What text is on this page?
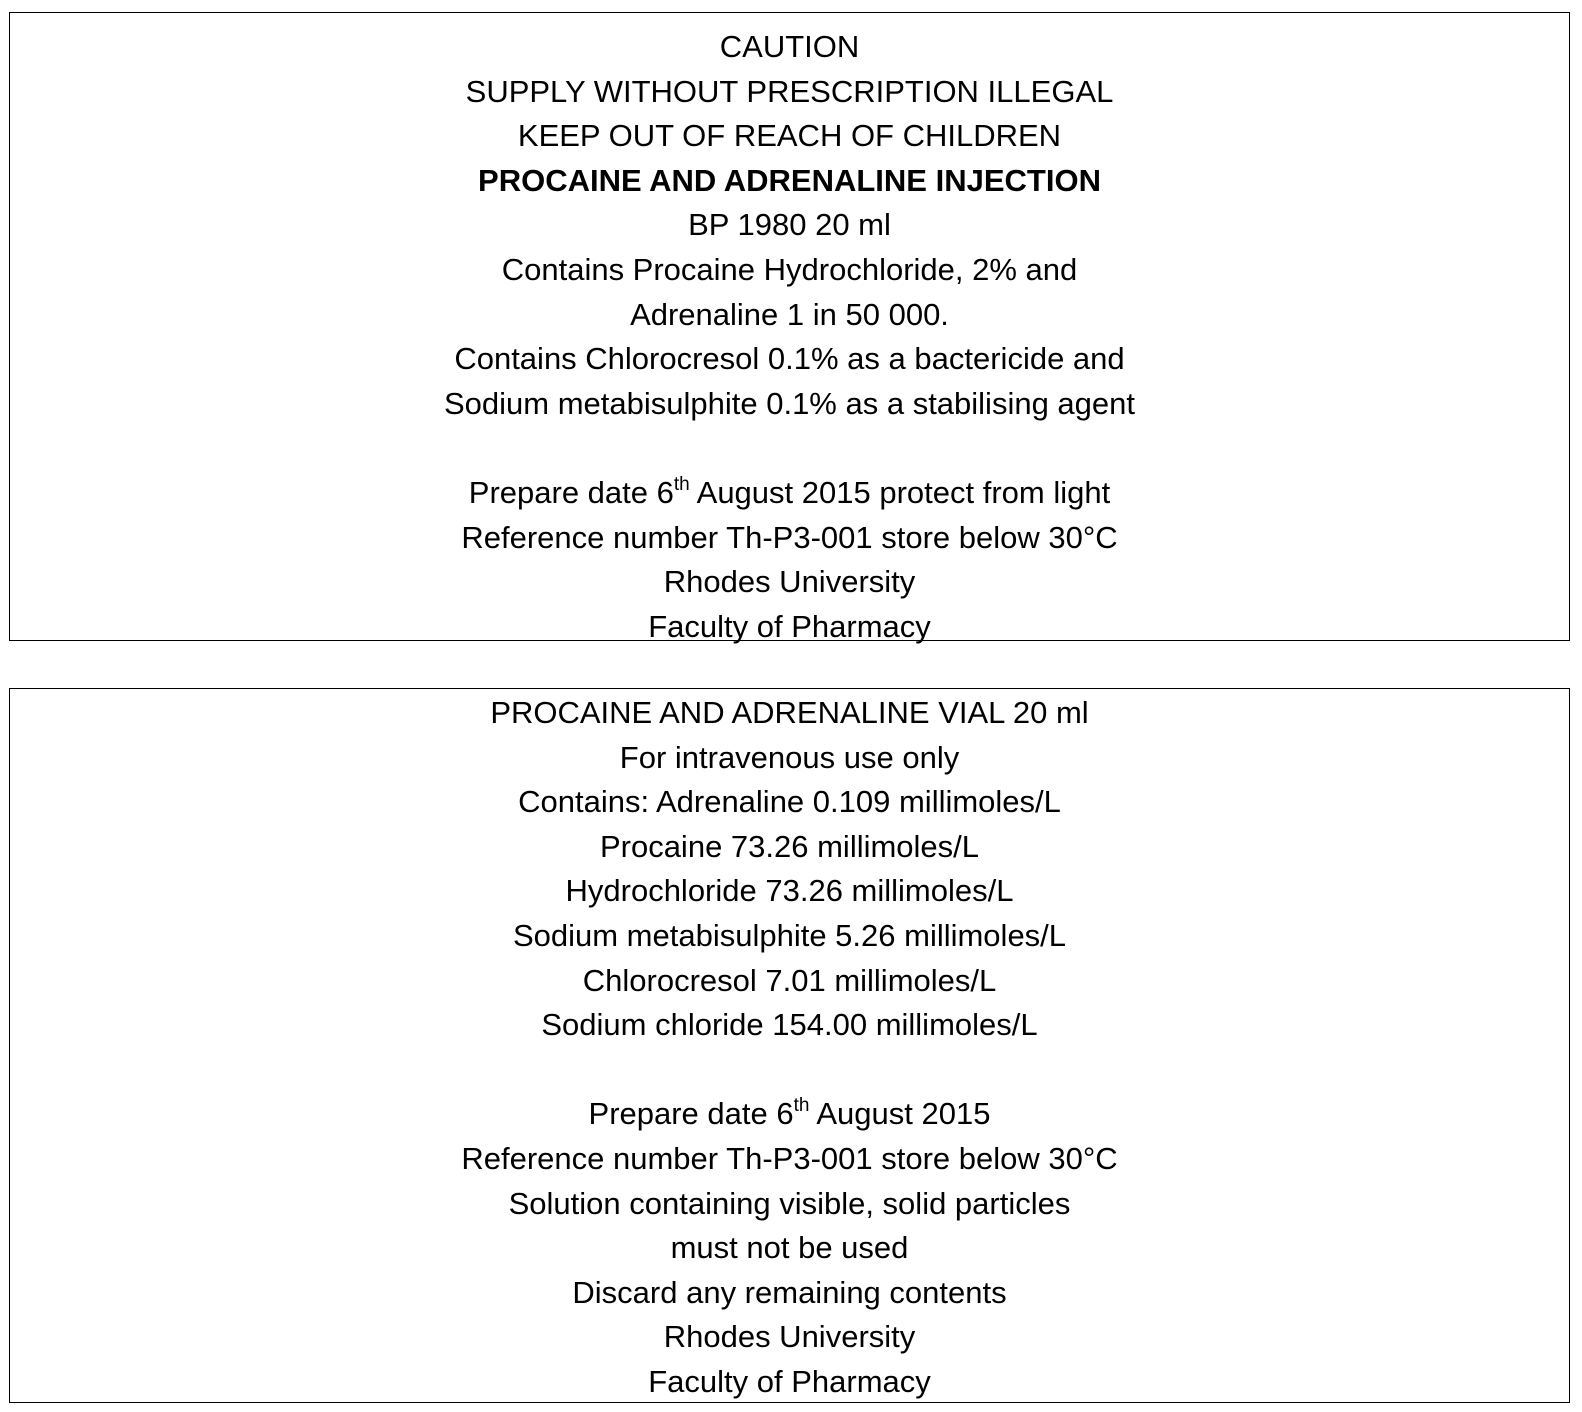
CAUTION
SUPPLY WITHOUT PRESCRIPTION ILLEGAL
KEEP OUT OF REACH OF CHILDREN
PROCAINE AND ADRENALINE INJECTION
BP 1980 20 ml
Contains Procaine Hydrochloride, 2% and
Adrenaline 1 in 50 000.
Contains Chlorocresol 0.1% as a bactericide and
Sodium metabisulphite 0.1% as a stabilising agent
Prepare date 6th August 2015 protect from light
Reference number Th-P3-001 store below 30°C
Rhodes University
Faculty of Pharmacy
PROCAINE AND ADRENALINE VIAL 20 ml
For intravenous use only
Contains: Adrenaline 0.109 millimoles/L
Procaine 73.26 millimoles/L
Hydrochloride 73.26 millimoles/L
Sodium metabisulphite 5.26 millimoles/L
Chlorocresol 7.01 millimoles/L
Sodium chloride 154.00 millimoles/L
Prepare date 6th August 2015
Reference number Th-P3-001 store below 30°C
Solution containing visible, solid particles
must not be used
Discard any remaining contents
Rhodes University
Faculty of Pharmacy
